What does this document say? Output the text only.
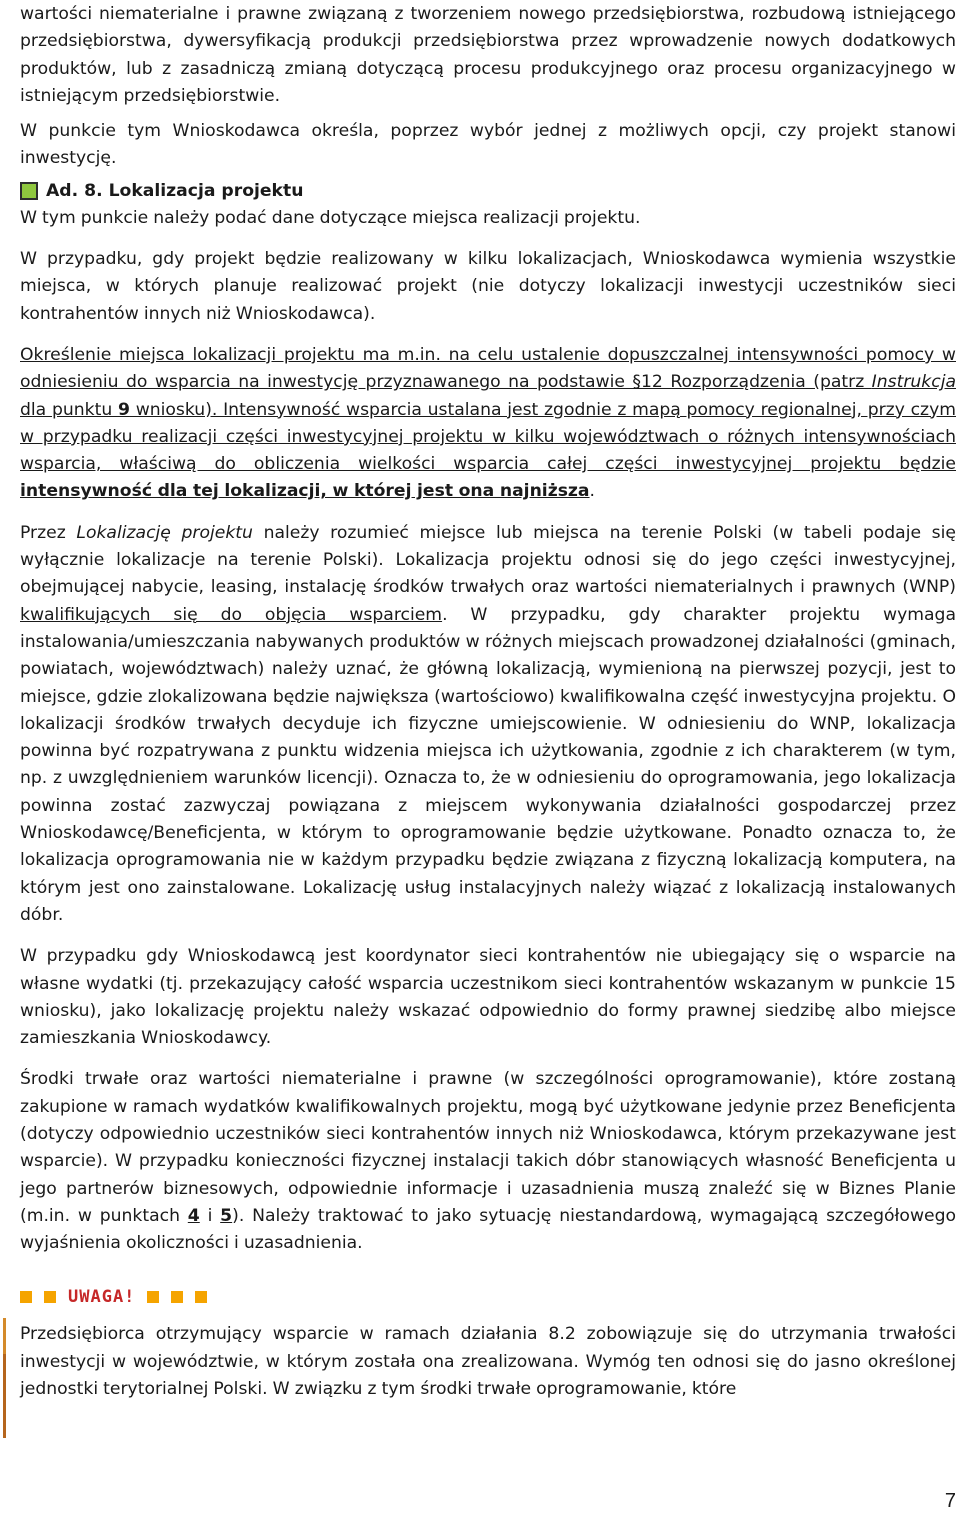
wartości niematerialne i prawne związaną z tworzeniem nowego przedsiębiorstwa, rozbudową istniejącego przedsiębiorstwa, dywersyfikacją produkcji przedsiębiorstwa przez wprowadzenie nowych dodatkowych produktów, lub z zasadniczą zmianą dotyczącą procesu produkcyjnego oraz procesu organizacyjnego w istniejącym przedsiębiorstwie.

W punkcie tym Wnioskodawca określa, poprzez wybór jednej z możliwych opcji, czy projekt stanowi inwestycję.

Ad. 8. Lokalizacja projektu

W tym punkcie należy podać dane dotyczące miejsca realizacji projektu.

W przypadku, gdy projekt będzie realizowany w kilku lokalizacjach, Wnioskodawca wymienia wszystkie miejsca, w których planuje realizować projekt (nie dotyczy lokalizacji inwestycji uczestników sieci kontrahentów innych niż Wnioskodawca).

Określenie miejsca lokalizacji projektu ma m.in. na celu ustalenie dopuszczalnej intensywności pomocy w odniesieniu do wsparcia na inwestycję przyznawanego na podstawie §12 Rozporządzenia (patrz Instrukcja dla punktu 9 wniosku). Intensywność wsparcia ustalana jest zgodnie z mapą pomocy regionalnej, przy czym w przypadku realizacji części inwestycyjnej projektu w kilku województwach o różnych intensywnościach wsparcia, właściwą do obliczenia wielkości wsparcia całej części inwestycyjnej projektu będzie intensywność dla tej lokalizacji, w której jest ona najniższa.

Przez Lokalizację projektu należy rozumieć miejsce lub miejsca na terenie Polski (w tabeli podaje się wyłącznie lokalizacje na terenie Polski). Lokalizacja projektu odnosi się do jego części inwestycyjnej, obejmującej nabycie, leasing, instalację środków trwałych oraz wartości niematerialnych i prawnych (WNP) kwalifikujących się do objęcia wsparciem. W przypadku, gdy charakter projektu wymaga instalowania/umieszczania nabywanych produktów w różnych miejscach prowadzonej działalności (gminach, powiatach, województwach) należy uznać, że główną lokalizacją, wymienioną na pierwszej pozycji, jest to miejsce, gdzie zlokalizowana będzie największa (wartościowo) kwalifikowalna część inwestycyjna projektu. O lokalizacji środków trwałych decyduje ich fizyczne umiejscowienie. W odniesieniu do WNP, lokalizacja powinna być rozpatrywana z punktu widzenia miejsca ich użytkowania, zgodnie z ich charakterem (w tym, np. z uwzględnieniem warunków licencji). Oznacza to, że w odniesieniu do oprogramowania, jego lokalizacja powinna zostać zazwyczaj powiązana z miejscem wykonywania działalności gospodarczej przez Wnioskodawcę/Beneficjenta, w którym to oprogramowanie będzie użytkowane. Ponadto oznacza to, że lokalizacja oprogramowania nie w każdym przypadku będzie związana z fizyczną lokalizacją komputera, na którym jest ono zainstalowane. Lokalizację usług instalacyjnych należy wiązać z lokalizacją instalowanych dóbr.

W przypadku gdy Wnioskodawcą jest koordynator sieci kontrahentów nie ubiegający się o wsparcie na własne wydatki (tj. przekazujący całość wsparcia uczestnikom sieci kontrahentów wskazanym w punkcie 15 wniosku), jako lokalizację projektu należy wskazać odpowiednio do formy prawnej siedzibę albo miejsce zamieszkania Wnioskodawcy.

Środki trwałe oraz wartości niematerialne i prawne (w szczególności oprogramowanie), które zostaną zakupione w ramach wydatków kwalifikowalnych projektu, mogą być użytkowane jedynie przez Beneficjenta (dotyczy odpowiednio uczestników sieci kontrahentów innych niż Wnioskodawca, którym przekazywane jest wsparcie). W przypadku konieczności fizycznej instalacji takich dóbr stanowiących własność Beneficjenta u jego partnerów biznesowych, odpowiednie informacje i uzasadnienia muszą znaleźć się w Biznes Planie (m.in. w punktach 4 i 5). Należy traktować to jako sytuację niestandardową, wymagającą szczegółowego wyjaśnienia okoliczności i uzasadnienia.

UWAGA!

Przedsiębiorca otrzymujący wsparcie w ramach działania 8.2 zobowiązuje się do utrzymania trwałości inwestycji w województwie, w którym została ona zrealizowana. Wymóg ten odnosi się do jasno określonej jednostki terytorialnej Polski. W związku z tym środki trwałe oprogramowanie, które

7
